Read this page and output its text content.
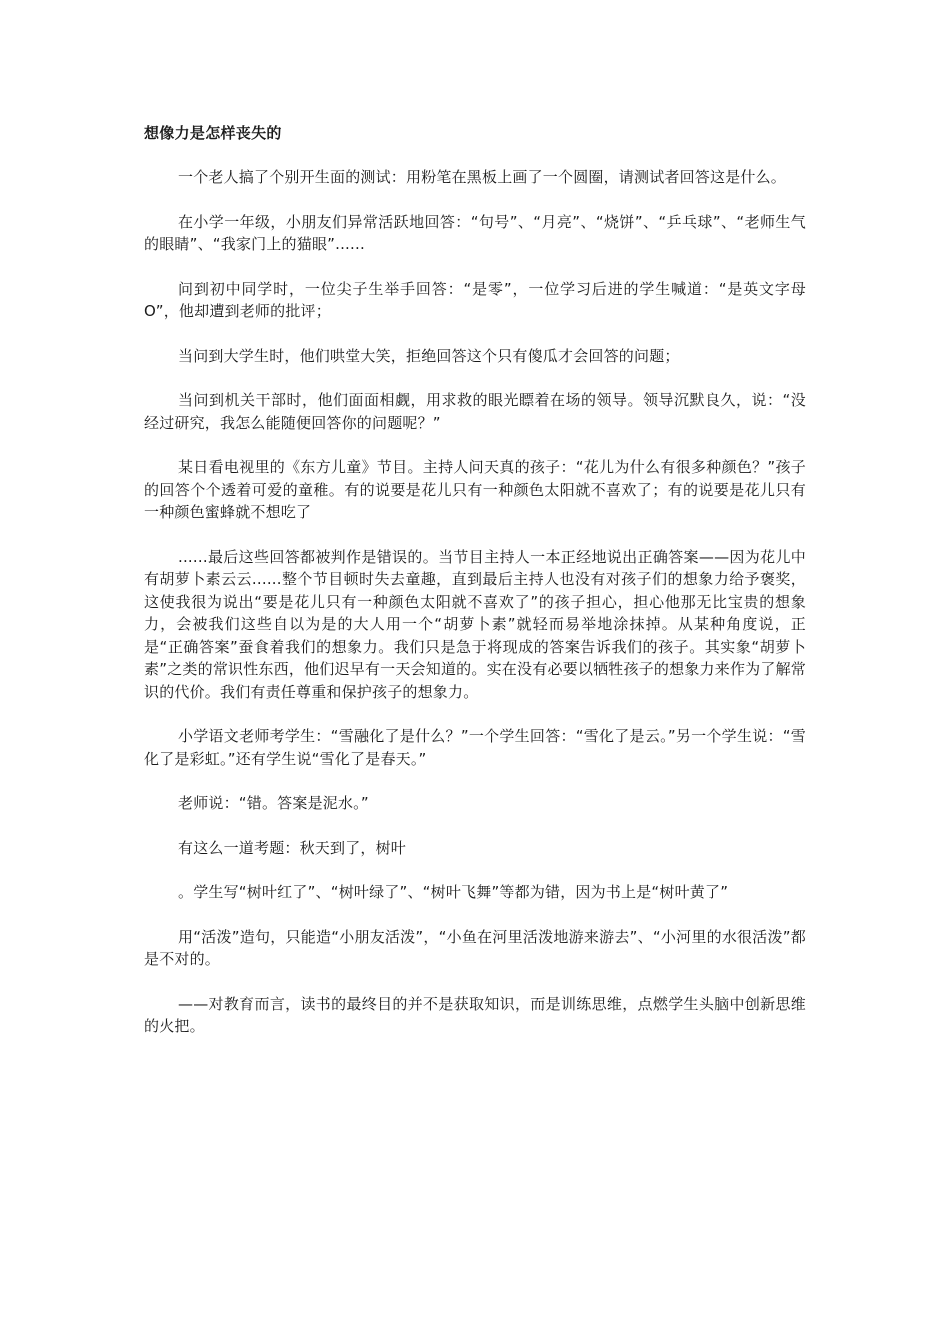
想像力是怎样丧失的

一个老人搞了个别开生面的测试：用粉笔在黑板上画了一个圆圈，请测试者回答这是什么。

在小学一年级，小朋友们异常活跃地回答：“句号”、“月亮”、“烧饼”、“乒乓球”、“老师生气的眼睛”、“我家门上的猫眼”......

问到初中同学时，一位尖子生举手回答：“是零”，一位学习后进的学生喊道：“是英文字母 O”，他却遭到老师的批评；

当问到大学生时，他们哄堂大笑，拒绝回答这个只有傻瓜才会回答的问题；

当问到机关干部时，他们面面相觑，用求救的眼光瞟着在场的领导。领导沉默良久，说：“没经过研究，我怎么能随便回答你的问题呢？”

某日看电视里的《东方儿童》节目。主持人问天真的孩子：“花儿为什么有很多种颜色？”孩子的回答个个透着可爱的童稚。有的说要是花儿只有一种颜色太阳就不喜欢了；有的说要是花儿只有一种颜色蜜蜂就不想吃了

......最后这些回答都被判作是错误的。当节目主持人一本正经地说出正确答案——因为花儿中有胡萝卜素云云......整个节目顿时失去童趣，直到最后主持人也没有对孩子们的想象力给予褒奖，这使我很为说出“要是花儿只有一种颜色太阳就不喜欢了”的孩子担心，担心他那无比宝贵的想象力，会被我们这些自以为是的大人用一个“胡萝卜素”就轻而易举地涂抹掉。从某种角度说，正是“正确答案”蚕食着我们的想象力。我们只是急于将现成的答案告诉我们的孩子。其实象“胡萝卜素”之类的常识性东西，他们迟早有一天会知道的。实在没有必要以牺牲孩子的想象力来作为了解常识的代价。我们有责任尊重和保护孩子的想象力。

小学语文老师考学生：“雪融化了是什么？”一个学生回答：“雪化了是云。”另一个学生说：“雪化了是彩虹。”还有学生说“雪化了是春天。”

老师说：“错。答案是泥水。”

有这么一道考题：秋天到了，树叶

。学生写“树叶红了”、“树叶绿了”、“树叶飞舞”等都为错，因为书上是“树叶黄了”

用“活泼”造句，只能造“小朋友活泼”，“小鱼在河里活泼地游来游去”、“小河里的水很活泼”都是不对的。

——对教育而言，读书的最终目的并不是获取知识，而是训练思维，点燃学生头脑中创新思维的火把。
